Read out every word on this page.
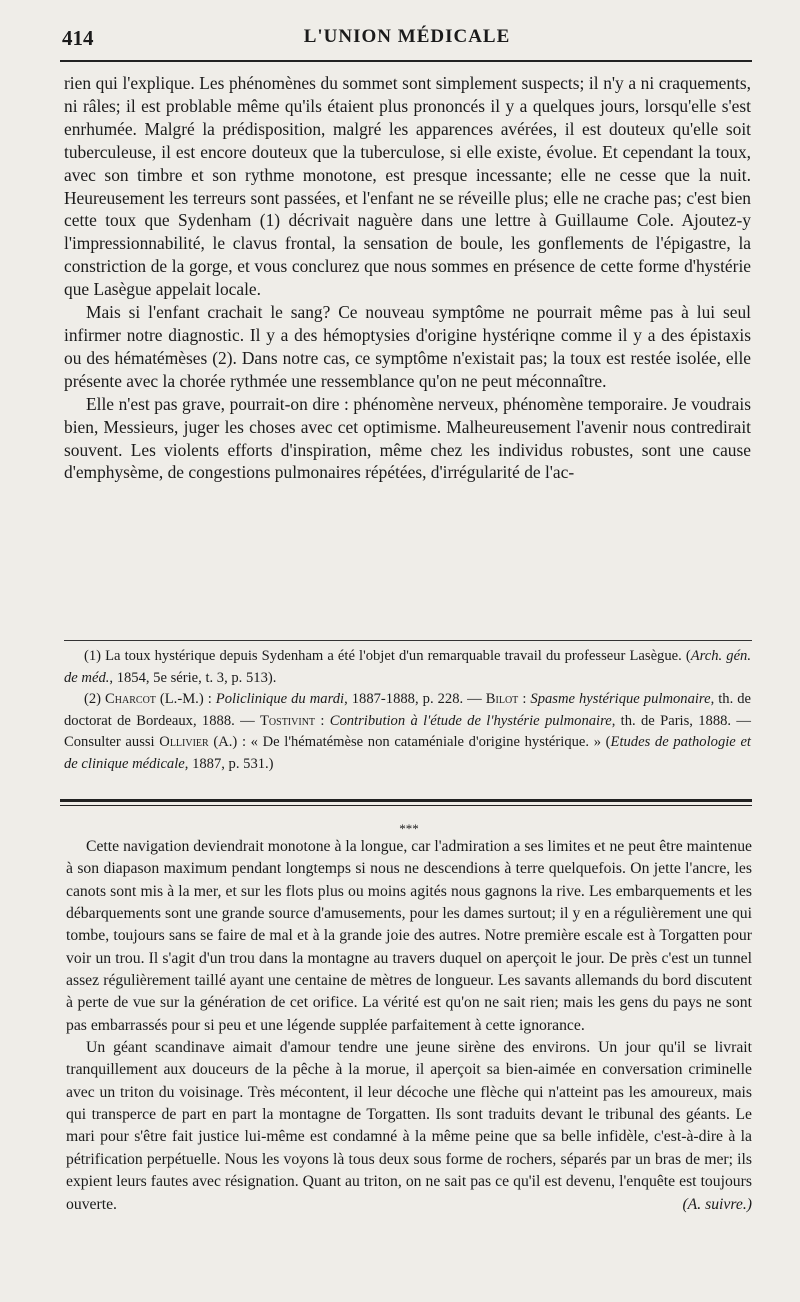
414	L'UNION MÉDICALE

rien qui l'explique. Les phénomènes du sommet sont simplement suspects; il n'y a ni craquements, ni râles; il est problable même qu'ils étaient plus prononcés il y a quelques jours, lorsqu'elle s'est enrhumée. Malgré la prédisposition, malgré les apparences avérées, il est douteux qu'elle soit tuberculeuse, il est encore douteux que la tuberculose, si elle existe, évolue. Et cependant la toux, avec son timbre et son rythme monotone, est presque incessante; elle ne cesse que la nuit. Heureusement les terreurs sont passées, et l'enfant ne se réveille plus; elle ne crache pas; c'est bien cette toux que Sydenham (1) décrivait naguère dans une lettre à Guillaume Cole. Ajoutez-y l'impressionnabilité, le clavus frontal, la sensation de boule, les gonflements de l'épigastre, la constriction de la gorge, et vous conclurez que nous sommes en présence de cette forme d'hystérie que Lasègue appelait locale.

Mais si l'enfant crachait le sang? Ce nouveau symptôme ne pourrait même pas à lui seul infirmer notre diagnostic. Il y a des hémoptysies d'origine hystériqne comme il y a des épistaxis ou des hématémèses (2). Dans notre cas, ce symptôme n'existait pas; la toux est restée isolée, elle présente avec la chorée rythmée une ressemblance qu'on ne peut méconnaître.

Elle n'est pas grave, pourrait-on dire : phénomène nerveux, phénomène temporaire. Je voudrais bien, Messieurs, juger les choses avec cet optimisme. Malheureusement l'avenir nous contredirait souvent. Les violents efforts d'inspiration, même chez les individus robustes, sont une cause d'emphysème, de congestions pulmonaires répétées, d'irrégularité de l'ac-

(1) La toux hystérique depuis Sydenham a été l'objet d'un remarquable travail du professeur Lasègue. (Arch. gén. de méd., 1854, 5e série, t. 3, p. 513).

(2) Charcot (L.-M.) : Policlinique du mardi, 1887-1888, p. 228. — Bilot : Spasme hystérique pulmonaire, th. de doctorat de Bordeaux, 1888. — Tostivint : Contribution à l'étude de l'hystérie pulmonaire, th. de Paris, 1888. — Consulter aussi Ollivier (A.) : « De l'hématémèse non cataméniale d'origine hystérique. » (Etudes de pathologie et de clinique médicale, 1887, p. 531.)

***

Cette navigation deviendrait monotone à la longue, car l'admiration a ses limites et ne peut être maintenue à son diapason maximum pendant longtemps si nous ne descendions à terre quelquefois. On jette l'ancre, les canots sont mis à la mer, et sur les flots plus ou moins agités nous gagnons la rive. Les embarquements et les débarquements sont une grande source d'amusements, pour les dames surtout; il y en a régulièrement une qui tombe, toujours sans se faire de mal et à la grande joie des autres. Notre première escale est à Torgatten pour voir un trou. Il s'agit d'un trou dans la montagne au travers duquel on aperçoit le jour. De près c'est un tunnel assez régulièrement taillé ayant une centaine de mètres de longueur. Les savants allemands du bord discutent à perte de vue sur la génération de cet orifice. La vérité est qu'on ne sait rien; mais les gens du pays ne sont pas embarrassés pour si peu et une légende supplée parfaitement à cette ignorance.

Un géant scandinave aimait d'amour tendre une jeune sirène des environs. Un jour qu'il se livrait tranquillement aux douceurs de la pêche à la morue, il aperçoit sa bien-aimée en conversation criminelle avec un triton du voisinage. Très mécontent, il leur décoche une flèche qui n'atteint pas les amoureux, mais qui transperce de part en part la montagne de Torgatten. Ils sont traduits devant le tribunal des géants. Le mari pour s'être fait justice lui-même est condamné à la même peine que sa belle infidèle, c'est-à-dire à la pétrification perpétuelle. Nous les voyons là tous deux sous forme de rochers, séparés par un bras de mer; ils expient leurs fautes avec résignation. Quant au triton, on ne sait pas ce qu'il est devenu, l'enquête est toujours ouverte.	(A. suivre.)
